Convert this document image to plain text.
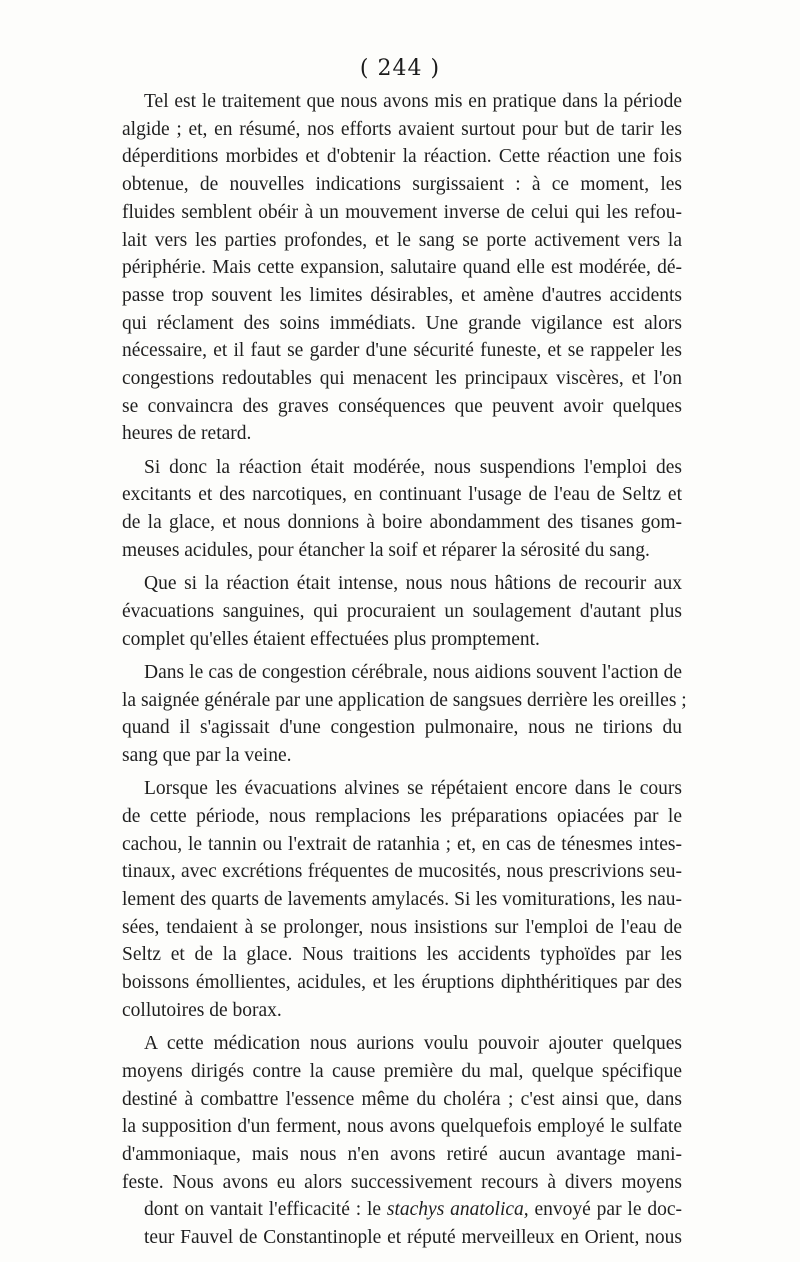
( 244 )
Tel est le traitement que nous avons mis en pratique dans la période
algide ; et, en résumé, nos efforts avaient surtout pour but de tarir les
déperditions morbides et d'obtenir la réaction. Cette réaction une fois
obtenue, de nouvelles indications surgissaient : à ce moment, les
fluides semblent obéir à un mouvement inverse de celui qui les refou-
lait vers les parties profondes, et le sang se porte activement vers la
périphérie. Mais cette expansion, salutaire quand elle est modérée, dé-
passe trop souvent les limites désirables, et amène d'autres accidents
qui réclament des soins immédiats. Une grande vigilance est alors
nécessaire, et il faut se garder d'une sécurité funeste, et se rappeler les
congestions redoutables qui menacent les principaux viscères, et l'on
se convaincra des graves conséquences que peuvent avoir quelques
heures de retard.
Si donc la réaction était modérée, nous suspendions l'emploi des
excitants et des narcotiques, en continuant l'usage de l'eau de Seltz et
de la glace, et nous donnions à boire abondamment des tisanes gom-
meuses acidules, pour étancher la soif et réparer la sérosité du sang.
Que si la réaction était intense, nous nous hâtions de recourir aux
évacuations sanguines, qui procuraient un soulagement d'autant plus
complet qu'elles étaient effectuées plus promptement.
Dans le cas de congestion cérébrale, nous aidions souvent l'action de
la saignée générale par une application de sangsues derrière les oreilles ;
quand il s'agissait d'une congestion pulmonaire, nous ne tirions du
sang que par la veine.
Lorsque les évacuations alvines se répétaient encore dans le cours
de cette période, nous remplacions les préparations opiacées par le
cachou, le tannin ou l'extrait de ratanhia ; et, en cas de ténesmes intes-
tinaux, avec excrétions fréquentes de mucosités, nous prescrivions seu-
lement des quarts de lavements amylacés. Si les vomiturations, les nau-
sées, tendaient à se prolonger, nous insistions sur l'emploi de l'eau de
Seltz et de la glace. Nous traitions les accidents typhoïdes par les
boissons émollientes, acidules, et les éruptions diphthéritiques par des
collutoires de borax.
A cette médication nous aurions voulu pouvoir ajouter quelques
moyens dirigés contre la cause première du mal, quelque spécifique
destiné à combattre l'essence même du choléra ; c'est ainsi que, dans
la supposition d'un ferment, nous avons quelquefois employé le sulfate
d'ammoniaque, mais nous n'en avons retiré aucun avantage mani-
feste. Nous avons eu alors successivement recours à divers moyens
dont on vantait l'efficacité : le stachys anatolica, envoyé par le doc-
teur Fauvel de Constantinople et réputé merveilleux en Orient, nous
